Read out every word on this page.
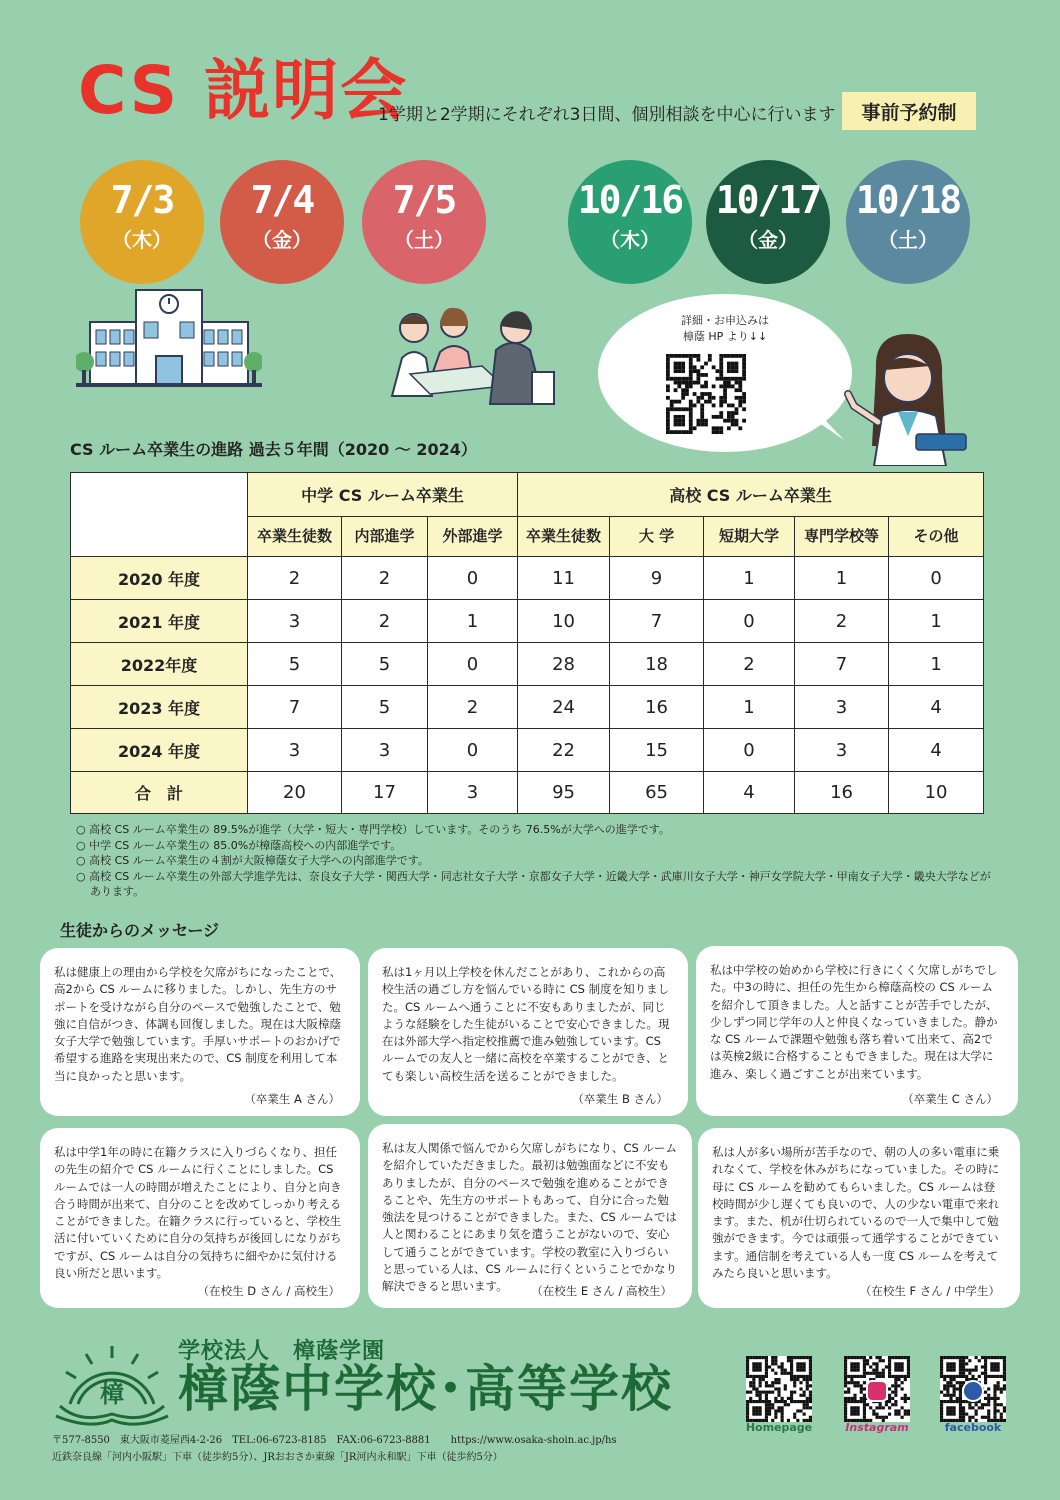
CS 説明会
1学期と2学期にそれぞれ3日間、個別相談を中心に行います	事前予約制
7/3
（木）
7/4
（金）
7/5
（土）
10/16
（木）
10/17
（金）
10/18
（土）
詳細・お申込みは
樟蔭 HP より↓↓
CS ルーム卒業生の進路 過去５年間（2020 〜 2024）
	中学 CS ルーム卒業生			高校 CS ルーム卒業生				
	卒業生徒数	内部進学	外部進学	卒業生徒数	大 学	短期大学	専門学校等	その他
2020 年度	2	2	0	11	9	1	1	0
2021 年度	3	2	1	10	7	0	2	1
2022年度	5	5	0	28	18	2	7	1
2023 年度	7	5	2	24	16	1	3	4
2024 年度	3	3	0	22	15	0	3	4
合　計	20	17	3	95	65	4	16	10
○ 高校 CS ルーム卒業生の 89.5%が進学（大学・短大・専門学校）しています。そのうち 76.5%が大学への進学です。
○ 中学 CS ルーム卒業生の 85.0%が樟蔭高校への内部進学です。
○ 高校 CS ルーム卒業生の４割が大阪樟蔭女子大学への内部進学です。
○ 高校 CS ルーム卒業生の外部大学進学先は、奈良女子大学・関西大学・同志社女子大学・京都女子大学・近畿大学・武庫川女子大学・神戸女学院大学・甲南女子大学・畿央大学などがあります。
生徒からのメッセージ
私は健康上の理由から学校を欠席がちになったことで、高2から CS ルームに移りました。しかし、先生方のサポートを受けながら自分のペースで勉強したことで、勉強に自信がつき、体調も回復しました。現在は大阪樟蔭女子大学で勉強しています。手厚いサポートのおかげで希望する進路を実現出来たので、CS 制度を利用して本当に良かったと思います。
（卒業生 A さん）
私は1ヶ月以上学校を休んだことがあり、これからの高校生活の過ごし方を悩んでいる時に CS 制度を知りました。CS ルームへ通うことに不安もありましたが、同じような経験をした生徒がいることで安心できました。現在は外部大学へ指定校推薦で進み勉強しています。CS ルームでの友人と一緒に高校を卒業することができ、とても楽しい高校生活を送ることができました。
（卒業生 B さん）
私は中学校の始めから学校に行きにくく欠席しがちでした。中3の時に、担任の先生から樟蔭高校の CS ルームを紹介して頂きました。人と話すことが苦手でしたが、少しずつ同じ学年の人と仲良くなっていきました。静かな CS ルームで課題や勉強も落ち着いて出来て、高2では英検2級に合格することもできました。現在は大学に進み、楽しく過ごすことが出来ています。
（卒業生 C さん）
私は中学1年の時に在籍クラスに入りづらくなり、担任の先生の紹介で CS ルームに行くことにしました。CS ルームでは一人の時間が増えたことにより、自分と向き合う時間が出来て、自分のことを改めてしっかり考えることができました。在籍クラスに行っていると、学校生活に付いていくために自分の気持ちが後回しになりがちですが、CS ルームは自分の気持ちに細やかに気付ける良い所だと思います。
（在校生 D さん / 高校生）
私は友人関係で悩んでから欠席しがちになり、CS ルームを紹介していただきました。最初は勉強面などに不安もありましたが、自分のペースで勉強を進めることができることや、先生方のサポートもあって、自分に合った勉強法を見つけることができました。また、CS ルームでは人と関わることにあまり気を遣うことがないので、安心して通うことができています。学校の教室に入りづらいと思っている人は、CS ルームに行くということでかなり解決できると思います。	（在校生 E さん / 高校生）
私は人が多い場所が苦手なので、朝の人の多い電車に乗れなくて、学校を休みがちになっていました。その時に母に CS ルームを勧めてもらいました。CS ルームは登校時間が少し遅くても良いので、人の少ない電車で来れます。また、机が仕切られているので一人で集中して勉強ができます。今では頑張って通学することができています。通信制を考えている人も一度 CS ルームを考えてみたら良いと思います。
（在校生 F さん / 中学生）
樟
学校法人　樟蔭学園
樟蔭中学校･高等学校
〒577-8550　東大阪市菱屋西4-2-26　TEL:06-6723-8185　FAX:06-6723-8881　　https://www.osaka-shoin.ac.jp/hs
近鉄奈良線「河内小阪駅」下車（徒歩約5分）、JRおおさか東線「JR河内永和駅」下車（徒歩約5分）
Homepage	Instagram	facebook
